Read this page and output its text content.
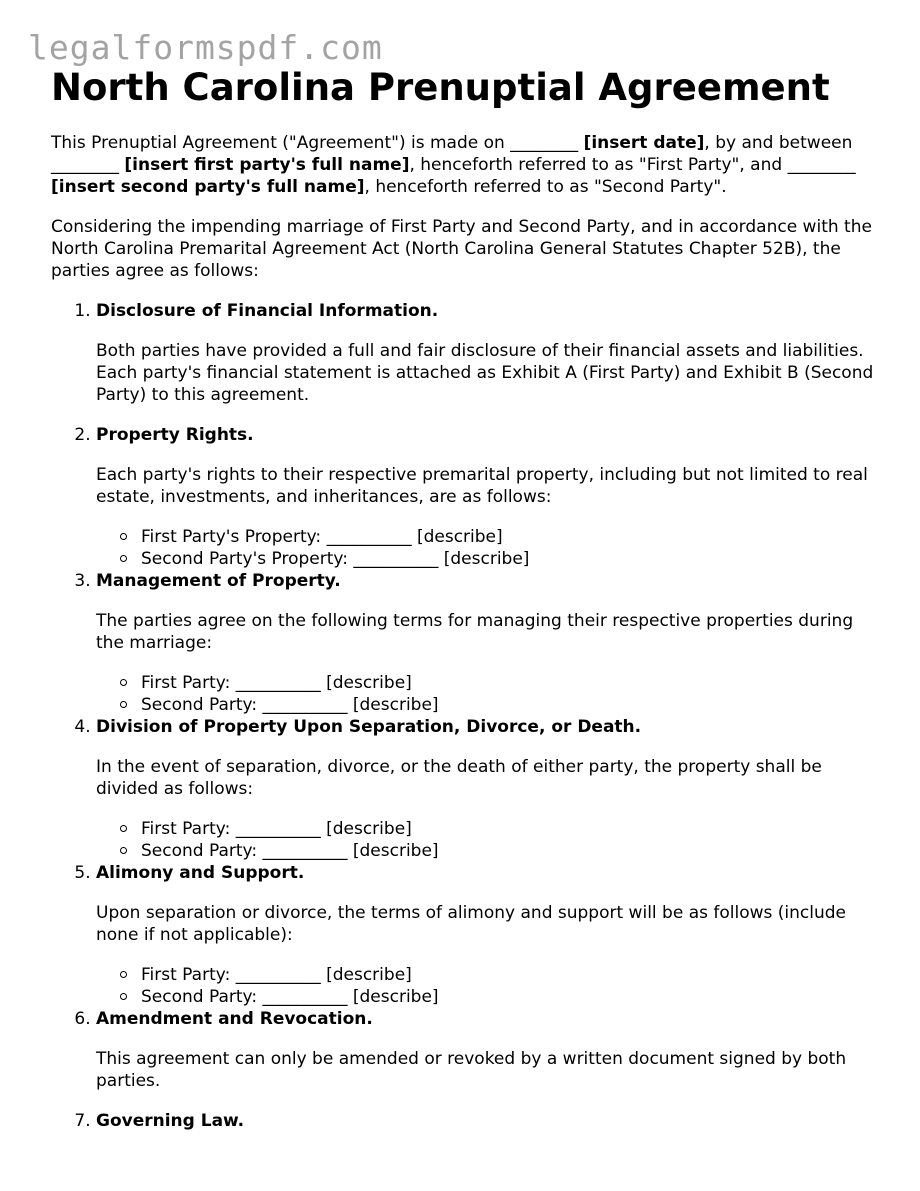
legalformspdf.com
North Carolina Prenuptial Agreement

This Prenuptial Agreement ("Agreement") is made on ________ [insert date], by and between ________ [insert first party's full name], henceforth referred to as "First Party", and ________ [insert second party's full name], henceforth referred to as "Second Party".

Considering the impending marriage of First Party and Second Party, and in accordance with the North Carolina Premarital Agreement Act (North Carolina General Statutes Chapter 52B), the parties agree as follows:

1. Disclosure of Financial Information.

Both parties have provided a full and fair disclosure of their financial assets and liabilities. Each party's financial statement is attached as Exhibit A (First Party) and Exhibit B (Second Party) to this agreement.

2. Property Rights.

Each party's rights to their respective premarital property, including but not limited to real estate, investments, and inheritances, are as follows:

First Party's Property: __________ [describe]
Second Party's Property: __________ [describe]
3. Management of Property.

The parties agree on the following terms for managing their respective properties during the marriage:

First Party: __________ [describe]
Second Party: __________ [describe]
4. Division of Property Upon Separation, Divorce, or Death.

In the event of separation, divorce, or the death of either party, the property shall be divided as follows:

First Party: __________ [describe]
Second Party: __________ [describe]
5. Alimony and Support.

Upon separation or divorce, the terms of alimony and support will be as follows (include none if not applicable):

First Party: __________ [describe]
Second Party: __________ [describe]
6. Amendment and Revocation.

This agreement can only be amended or revoked by a written document signed by both parties.

7. Governing Law.
